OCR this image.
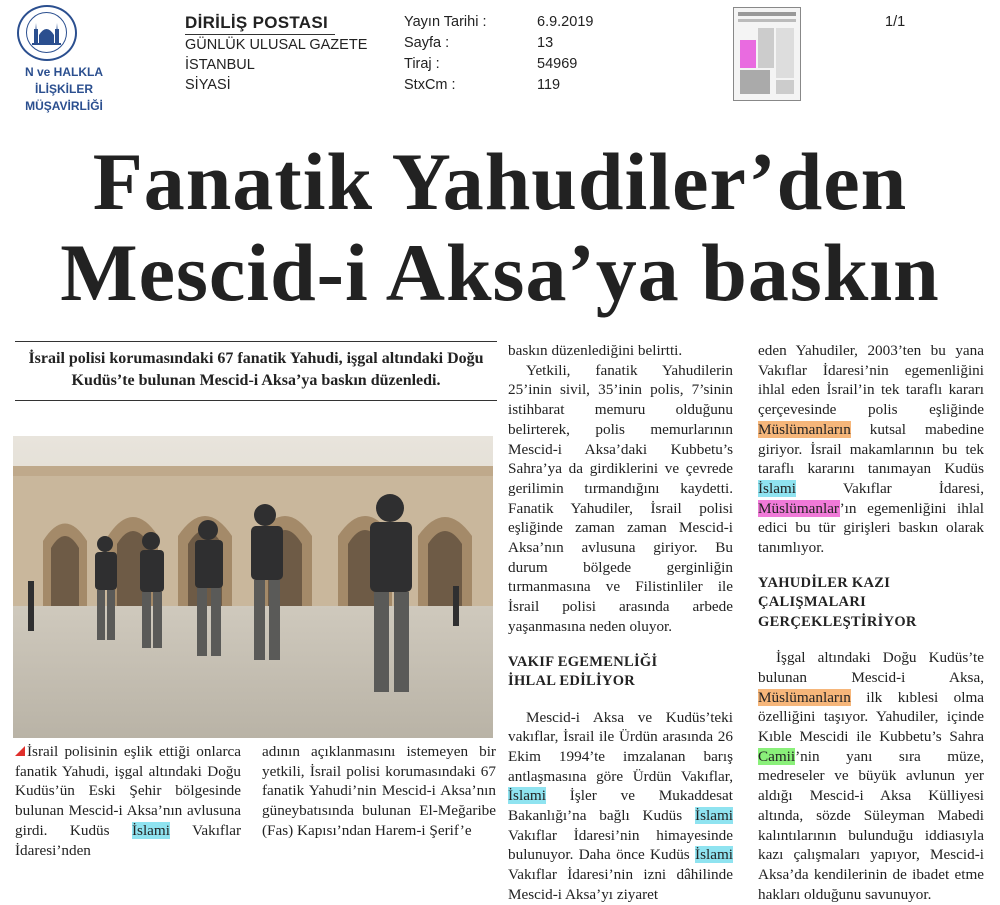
N ve HALKLA İLİŞKİLER
MÜŞAVİRLİĞİ
DİRİLİŞ POSTASI
GÜNLÜK ULUSAL GAZETE
İSTANBUL
SİYASİ
Yayın Tarihi :
Sayfa :
Tiraj :
StxCm :
6.9.2019
13
54969
119
1/1
Fanatik Yahudiler’den
Mescid-i Aksa’ya baskın
İsrail polisi korumasındaki 67 fanatik Yahudi, işgal altındaki Doğu Kudüs’te bulunan Mescid-i Aksa’ya baskın düzenledi.

İsrail polisinin eşlik ettiği onlarca fanatik Yahudi, işgal altındaki Doğu Kudüs’ün Eski Şehir bölgesinde bulunan Mescid-i Aksa’nın avlusuna girdi. Kudüs İslami Vakıflar İdaresi’nden

adının açıklanmasını istemeyen bir yetkili, İsrail polisi korumasındaki 67 fanatik Yahudi’nin Mescid-i Aksa’nın güneybatısında bulunan El-Meğaribe (Fas) Kapısı’ndan Harem-i Şerif’e

baskın düzenlediğini belirtti.

Yetkili, fanatik Yahudilerin 25’inin sivil, 35’inin polis, 7’sinin istihbarat memuru olduğunu belirterek, polis memurlarının Mescid-i Aksa’daki Kubbetu’s Sahra’ya da girdiklerini ve çevrede gerilimin tırmandığını kaydetti. Fanatik Yahudiler, İsrail polisi eşliğinde zaman zaman Mescid-i Aksa’nın avlusuna giriyor. Bu durum bölgede gerginliğin tırmanmasına ve Filistinliler ile İsrail polisi arasında arbede yaşanmasına neden oluyor.

VAKIF EGEMENLİĞİ
İHLAL EDİLİYOR

Mescid-i Aksa ve Kudüs’teki vakıflar, İsrail ile Ürdün arasında 26 Ekim 1994’te imzalanan barış antlaşmasına göre Ürdün Vakıflar, İslami İşler ve Mukaddesat Bakanlığı’na bağlı Kudüs İslami Vakıflar İdaresi’nin himayesinde bulunuyor. Daha önce Kudüs İslami Vakıflar İdaresi’nin izni dâhilinde Mescid-i Aksa’yı ziyaret

eden Yahudiler, 2003’ten bu yana Vakıflar İdaresi’nin egemenliğini ihlal eden İsrail’in tek taraflı kararı çerçevesinde polis eşliğinde Müslümanların kutsal mabedine giriyor. İsrail makamlarının bu tek taraflı kararını tanımayan Kudüs İslami Vakıflar İdaresi, Müslümanlar’ın egemenliğini ihlal edici bu tür girişleri baskın olarak tanımlıyor.

YAHUDİLER KAZI
ÇALIŞMALARI
GERÇEKLEŞTİRİYOR

İşgal altındaki Doğu Kudüs’te bulunan Mescid-i Aksa, Müslümanların ilk kıblesi olma özelliğini taşıyor. Yahudiler, içinde Kıble Mescidi ile Kubbetu’s Sahra Camii’nin yanı sıra müze, medreseler ve büyük avlunun yer aldığı Mescid-i Aksa Külliyesi altında, sözde Süleyman Mabedi kalıntılarının bulunduğu iddiasıyla kazı çalışmaları yapıyor, Mescid-i Aksa’da kendilerinin de ibadet etme hakları olduğunu savunuyor.
